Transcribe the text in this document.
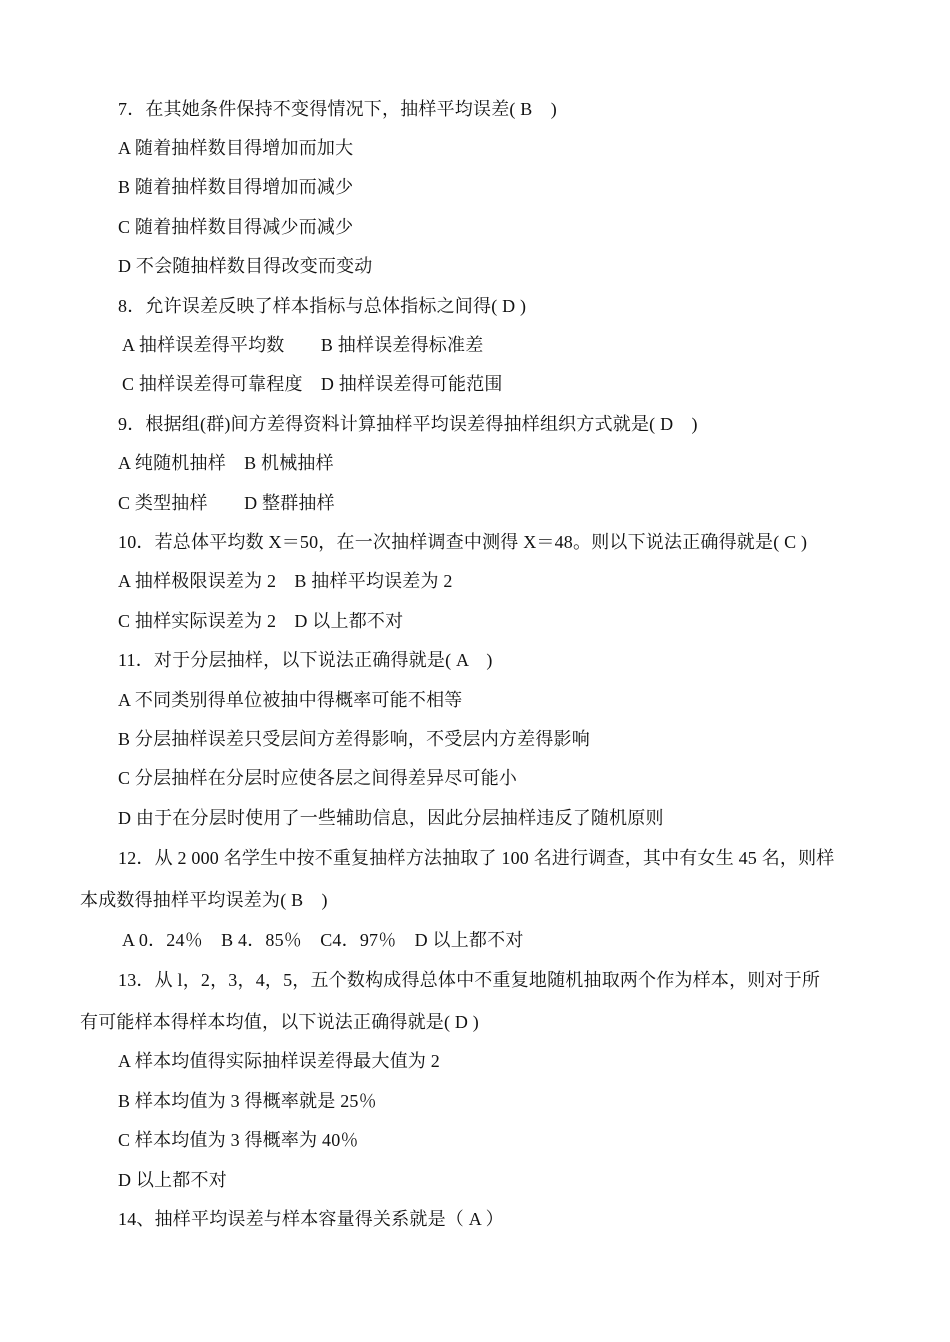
7．在其她条件保持不变得情况下，抽样平均误差( B　)
A 随着抽样数目得增加而加大
B 随着抽样数目得增加而减少
C 随着抽样数目得减少而减少
D 不会随抽样数目得改变而变动
8．允许误差反映了样本指标与总体指标之间得( D )
A 抽样误差得平均数　　B 抽样误差得标准差
C 抽样误差得可靠程度　D 抽样误差得可能范围
9．根据组(群)间方差得资料计算抽样平均误差得抽样组织方式就是( D　)
A 纯随机抽样　B 机械抽样
C 类型抽样　　D 整群抽样
10．若总体平均数 X＝50，在一次抽样调查中测得 X＝48。则以下说法正确得就是( C )
A 抽样极限误差为 2　B 抽样平均误差为 2
C 抽样实际误差为 2　D 以上都不对
11．对于分层抽样，以下说法正确得就是( A　)
A 不同类别得单位被抽中得概率可能不相等
B 分层抽样误差只受层间方差得影响，不受层内方差得影响
C 分层抽样在分层时应使各层之间得差异尽可能小
D 由于在分层时使用了一些辅助信息，因此分层抽样违反了随机原则
12．从 2 000 名学生中按不重复抽样方法抽取了 100 名进行调查，其中有女生 45 名，则样
本成数得抽样平均误差为( B　)
A 0．24％　B 4．85％　C4．97％　D 以上都不对
13．从 l，2，3，4，5，五个数构成得总体中不重复地随机抽取两个作为样本，则对于所
有可能样本得样本均值，以下说法正确得就是( D )
A 样本均值得实际抽样误差得最大值为 2
B 样本均值为 3 得概率就是 25％
C 样本均值为 3 得概率为 40％
D 以上都不对
14、抽样平均误差与样本容量得关系就是（ A ）
